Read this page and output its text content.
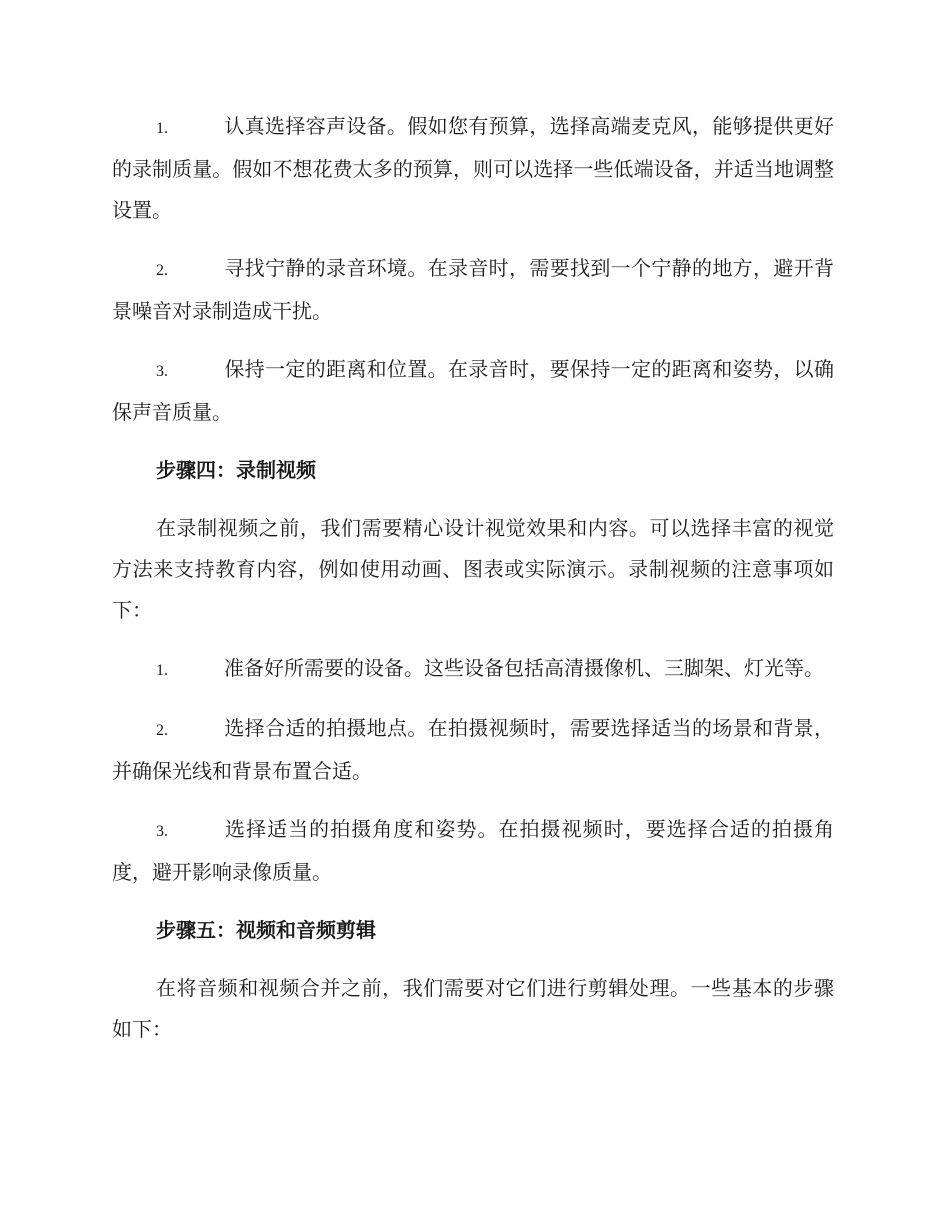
1.	认真选择容声设备。假如您有预算，选择高端麦克风，能够提供更好的录制质量。假如不想花费太多的预算，则可以选择一些低端设备，并适当地调整设置。

2.	寻找宁静的录音环境。在录音时，需要找到一个宁静的地方，避开背景噪音对录制造成干扰。

3.	保持一定的距离和位置。在录音时，要保持一定的距离和姿势，以确保声音质量。

步骤四：录制视频

在录制视频之前，我们需要精心设计视觉效果和内容。可以选择丰富的视觉方法来支持教育内容，例如使用动画、图表或实际演示。录制视频的注意事项如下：

1.	准备好所需要的设备。这些设备包括高清摄像机、三脚架、灯光等。

2.	选择合适的拍摄地点。在拍摄视频时，需要选择适当的场景和背景，并确保光线和背景布置合适。

3.	选择适当的拍摄角度和姿势。在拍摄视频时，要选择合适的拍摄角度，避开影响录像质量。

步骤五：视频和音频剪辑

在将音频和视频合并之前，我们需要对它们进行剪辑处理。一些基本的步骤如下：
